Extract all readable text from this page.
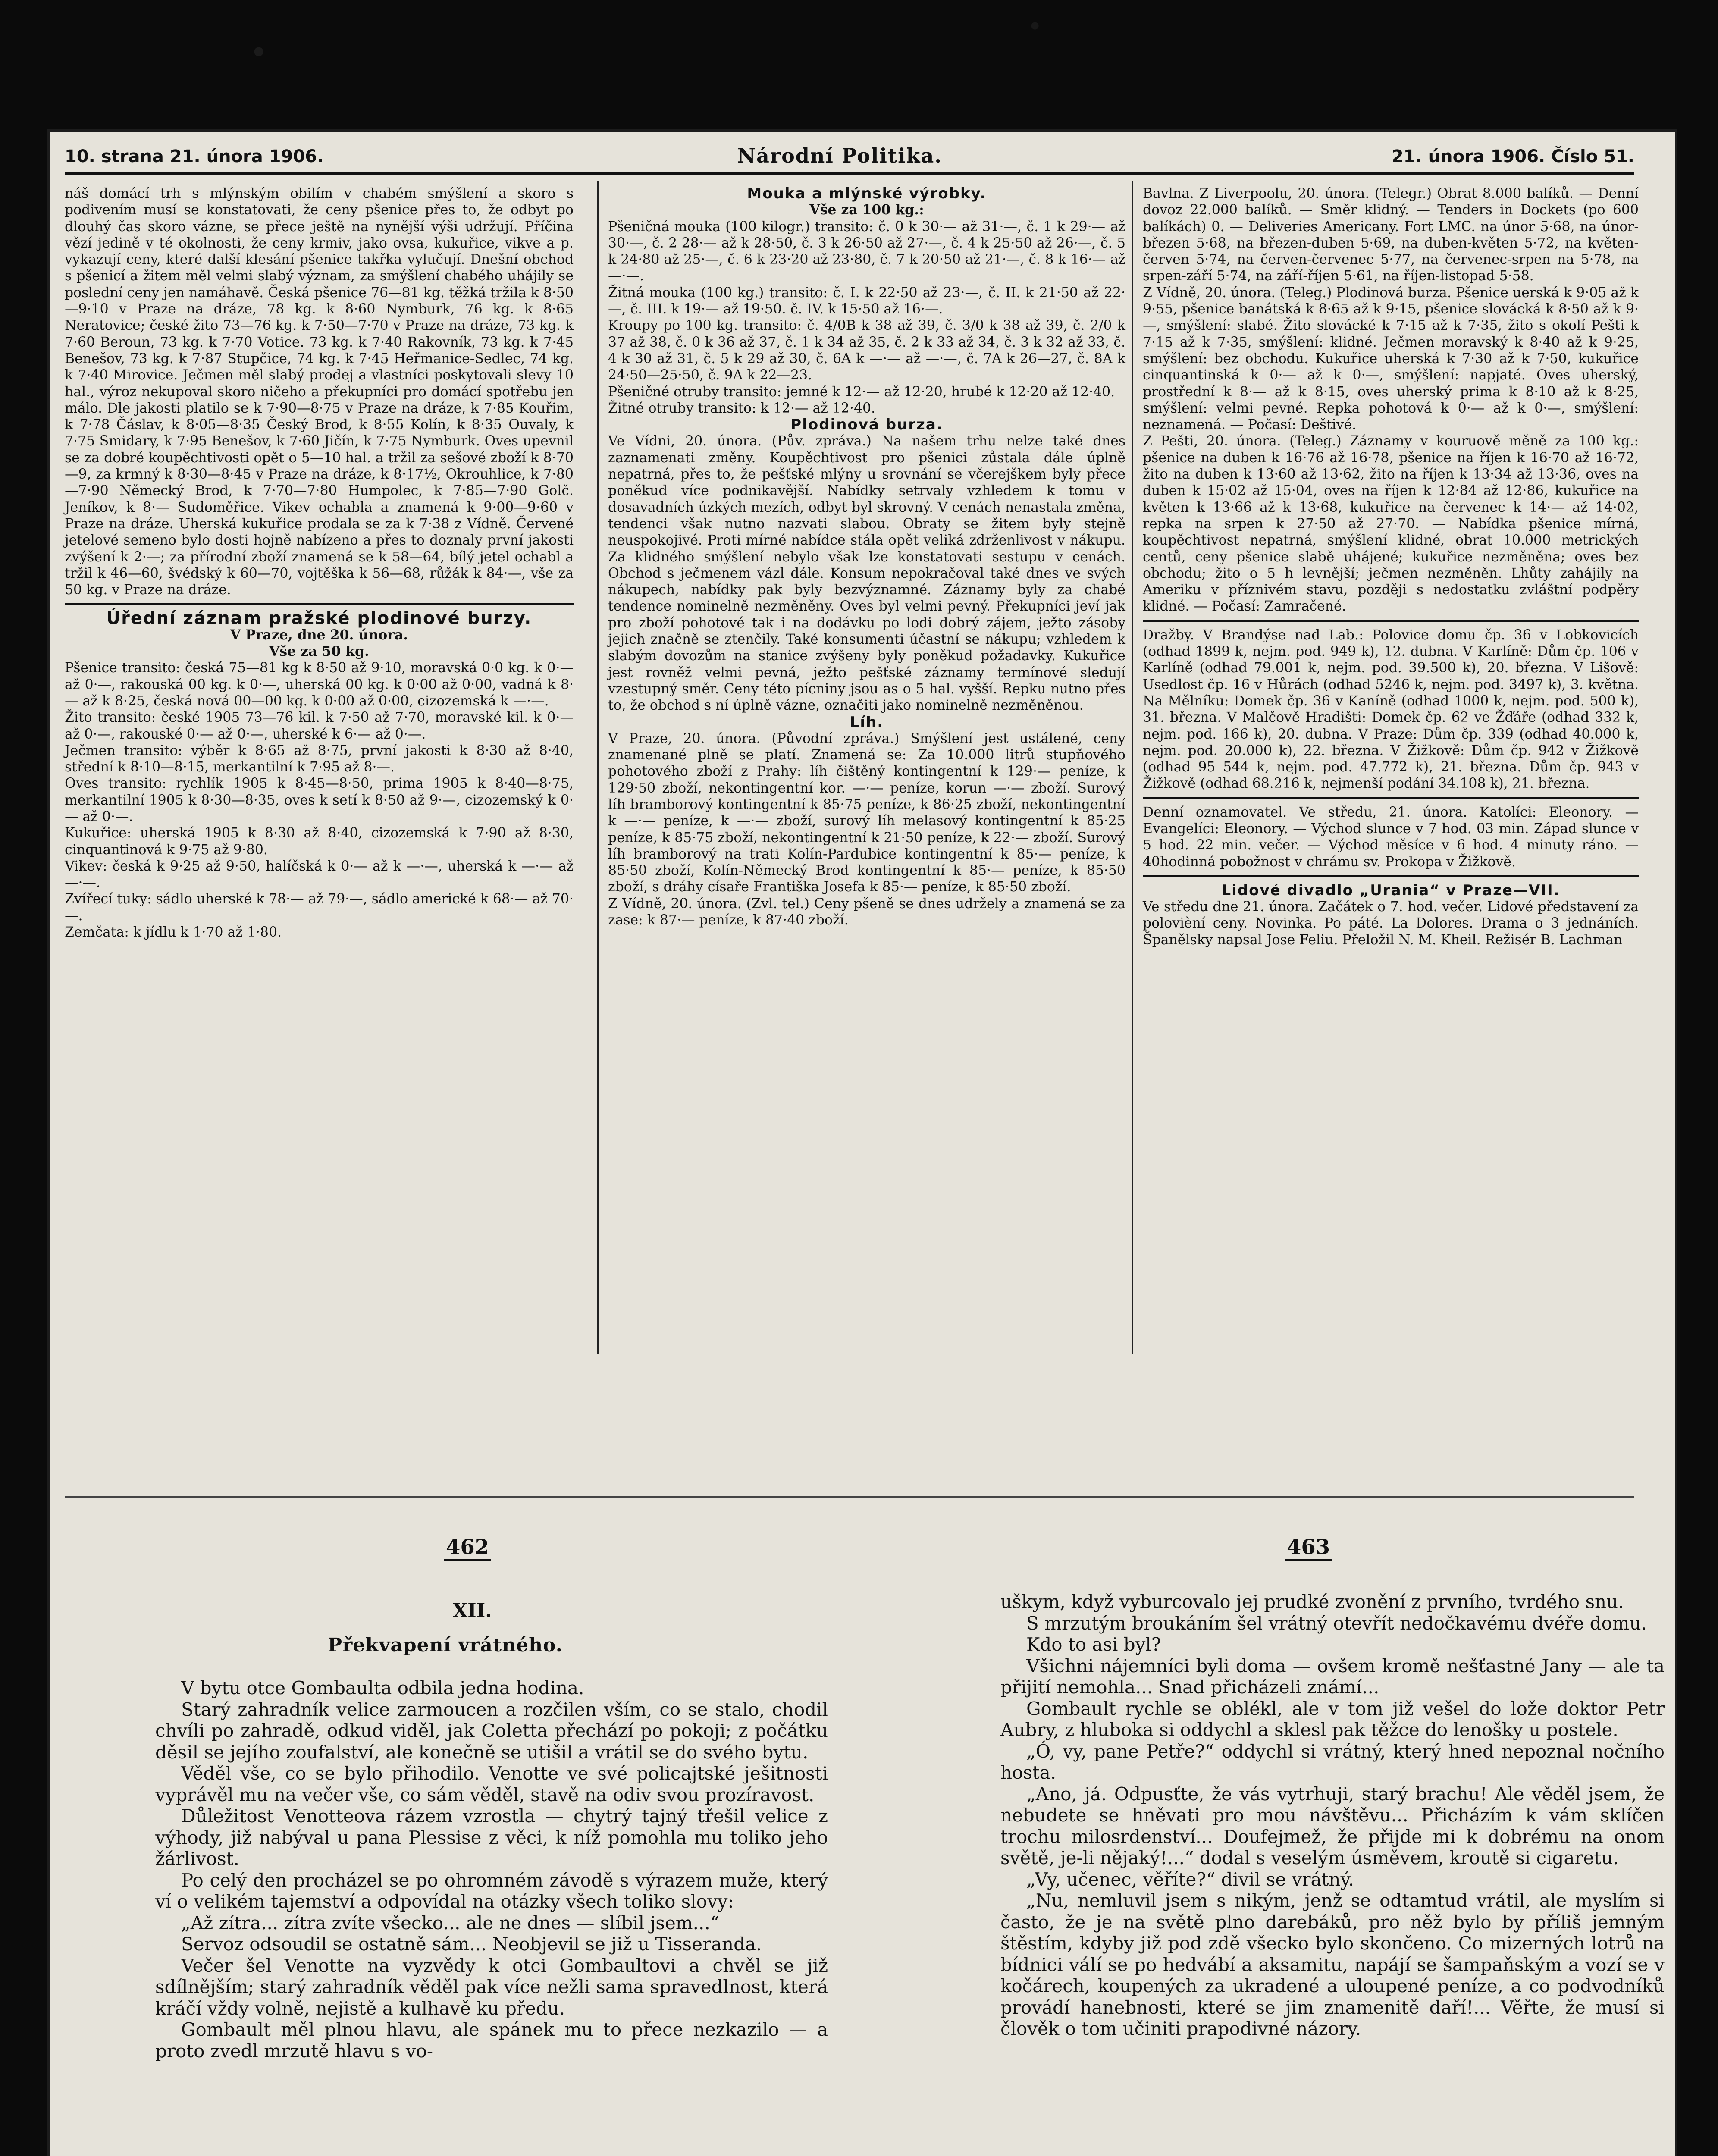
10. strana 21. února 1906.	Národní Politika.	21. února 1906. Číslo 51.

náš domácí trh s mlýnským obilím v chabém smýšlení a skoro s podivením musí se konstatovati, že ceny pšenice přes to, že odbyt po dlouhý čas skoro vázne, se přece ještě na nynější výši udržují. Příčina vězí jedině v té okolnosti, že ceny krmiv, jako ovsa, kukuřice, vikve a p. vykazují ceny, které další klesání pšenice takřka vylučují. Dnešní obchod s pšenicí a žitem měl velmi slabý význam, za smýšlení chabého uhájily se poslední ceny jen namáhavě. Česká pšenice 76—81 kg. těžká tržila k 8·50—9·10 v Praze na dráze, 78 kg. k 8·60 Nymburk, 76 kg. k 8·65 Neratovice; české žito 73—76 kg. k 7·50—7·70 v Praze na dráze, 73 kg. k 7·60 Beroun, 73 kg. k 7·70 Votice. 73 kg. k 7·40 Rakovník, 73 kg. k 7·45 Benešov, 73 kg. k 7·87 Stupčice, 74 kg. k 7·45 Heřmanice-Sedlec, 74 kg. k 7·40 Mirovice. Ječmen měl slabý prodej a vlastníci poskytovali slevy 10 hal., výroz nekupoval skoro ničeho a překupníci pro domácí spotřebu jen málo. Dle jakosti platilo se k 7·90—8·75 v Praze na dráze, k 7·85 Kouřim, k 7·78 Čáslav, k 8·05—8·35 Český Brod, k 8·55 Kolín, k 8·35 Ouvaly, k 7·75 Smidary, k 7·95 Benešov, k 7·60 Jičín, k 7·75 Nymburk. Oves upevnil se za dobré koupěchtivosti opět o 5—10 hal. a tržil za sešové zboží k 8·70—9, za krmný k 8·30—8·45 v Praze na dráze, k 8·17½, Okrouhlice, k 7·80—7·90 Německý Brod, k 7·70—7·80 Humpolec, k 7·85—7·90 Golč. Jeníkov, k 8·— Sudoměřice. Vikev ochabla a znamená k 9·00—9·60 v Praze na dráze. Uherská kukuřice prodala se za k 7·38 z Vídně. Červené jetelové semeno bylo dosti hojně nabízeno a přes to doznaly první jakosti zvýšení k 2·—; za přírodní zboží znamená se k 58—64, bílý jetel ochabl a tržil k 46—60, švédský k 60—70, vojtěška k 56—68, růžák k 84·—, vše za 50 kg. v Praze na dráze.

Úřední záznam pražské plodinové burzy.
V Praze, dne 20. února.
Vše za 50 kg.

Pšenice transito: česká 75—81 kg k 8·50 až 9·10, moravská 0·0 kg. k 0·— až 0·—, rakouská 00 kg. k 0·—, uherská 00 kg. k 0·00 až 0·00, vadná k 8·— až k 8·25, česká nová 00—00 kg. k 0·00 až 0·00, cizozemská k —·—.

Žito transito: české 1905 73—76 kil. k 7·50 až 7·70, moravské kil. k 0·— až 0·—, rakouské 0·— až 0·—, uherské k 6·— až 0·—.

Ječmen transito: výběr k 8·65 až 8·75, první jakosti k 8·30 až 8·40, střední k 8·10—8·15, merkantilní k 7·95 až 8·—.

Oves transito: rychlík 1905 k 8·45—8·50, prima 1905 k 8·40—8·75, merkantilní 1905 k 8·30—8·35, oves k setí k 8·50 až 9·—, cizozemský k 0·— až 0·—.

Kukuřice: uherská 1905 k 8·30 až 8·40, cizozemská k 7·90 až 8·30, cinquantinová k 9·75 až 9·80.

Vikev: česká k 9·25 až 9·50, halíčská k 0·— až k —·—, uherská k —·— až —·—.

Zvířecí tuky: sádlo uherské k 78·— až 79·—, sádlo americké k 68·— až 70·—.

Zemčata: k jídlu k 1·70 až 1·80.

Mouka a mlýnské výrobky.
Vše za 100 kg.:

Pšeničná mouka (100 kilogr.) transito: č. 0 k 30·— až 31·—, č. 1 k 29·— až 30·—, č. 2 28·— až k 28·50, č. 3 k 26·50 až 27·—, č. 4 k 25·50 až 26·—, č. 5 k 24·80 až 25·—, č. 6 k 23·20 až 23·80, č. 7 k 20·50 až 21·—, č. 8 k 16·— až —·—.

Žitná mouka (100 kg.) transito: č. I. k 22·50 až 23·—, č. II. k 21·50 až 22·—, č. III. k 19·— až 19·50. č. IV. k 15·50 až 16·—.

Kroupy po 100 kg. transito: č. 4/0B k 38 až 39, č. 3/0 k 38 až 39, č. 2/0 k 37 až 38, č. 0 k 36 až 37, č. 1 k 34 až 35, č. 2 k 33 až 34, č. 3 k 32 až 33, č. 4 k 30 až 31, č. 5 k 29 až 30, č. 6A k —·— až —·—, č. 7A k 26—27, č. 8A k 24·50—25·50, č. 9A k 22—23.

Pšeničné otruby transito: jemné k 12·— až 12·20, hrubé k 12·20 až 12·40.

Žitné otruby transito: k 12·— až 12·40.

Plodinová burza.

Ve Vídni, 20. února. (Pův. zpráva.) Na našem trhu nelze také dnes zaznamenati změny. Koupěchtivost pro pšenici zůstala dále úplně nepatrná, přes to, že pešťské mlýny u srovnání se včerejškem byly přece poněkud více podnikavější. Nabídky setrvaly vzhledem k tomu v dosavadních úzkých mezích, odbyt byl skrovný. V cenách nenastala změna, tendenci však nutno nazvati slabou. Obraty se žitem byly stejně neuspokojivé. Proti mírné nabídce stála opět veliká zdrženlivost v nákupu. Za klidného smýšlení nebylo však lze konstatovati sestupu v cenách. Obchod s ječmenem vázl dále. Konsum nepokračoval také dnes ve svých nákupech, nabídky pak byly bezvýznamné. Záznamy byly za chabé tendence nominelně nezměněny. Oves byl velmi pevný. Překupníci jeví jak pro zboží pohotové tak i na dodávku po lodi dobrý zájem, ježto zásoby jejich značně se ztenčily. Také konsumenti účastní se nákupu; vzhledem k slabým dovozům na stanice zvýšeny byly poněkud požadavky. Kukuřice jest rovněž velmi pevná, ježto pešťské záznamy termínové sledují vzestupný směr. Ceny této pícniny jsou as o 5 hal. vyšší. Repku nutno přes to, že obchod s ní úplně vázne, označiti jako nominelně nezměněnou.

Líh.

V Praze, 20. února. (Původní zpráva.) Smýšlení jest ustálené, ceny znamenané plně se platí. Znamená se: Za 10.000 litrů stupňového pohotového zboží z Prahy: líh čištěný kontingentní k 129·— peníze, k 129·50 zboží, nekontingentní kor. —·— peníze, korun —·— zboží. Surový líh bramborový kontingentní k 85·75 peníze, k 86·25 zboží, nekontingentní k —·— peníze, k —·— zboží, surový líh melasový kontingentní k 85·25 peníze, k 85·75 zboží, nekontingentní k 21·50 peníze, k 22·— zboží. Surový líh bramborový na trati Kolín-Pardubice kontingentní k 85·— peníze, k 85·50 zboží, Kolín-Německý Brod kontingentní k 85·— peníze, k 85·50 zboží, s dráhy císaře Františka Josefa k 85·— peníze, k 85·50 zboží.

Z Vídně, 20. února. (Zvl. tel.) Ceny pšeně se dnes udržely a znamená se za zase: k 87·— peníze, k 87·40 zboží.

Bavlna. Z Liverpoolu, 20. února. (Telegr.) Obrat 8.000 balíků. — Denní dovoz 22.000 balíků. — Směr klidný. — Tenders in Dockets (po 600 balíkách) 0. — Deliveries Americany. Fort LMC. na únor 5·68, na únor-březen 5·68, na březen-duben 5·69, na duben-květen 5·72, na květen-červen 5·74, na červen-červenec 5·77, na červenec-srpen na 5·78, na srpen-září 5·74, na září-říjen 5·61, na říjen-listopad 5·58.

Z Vídně, 20. února. (Teleg.) Plodinová burza. Pšenice uerská k 9·05 až k 9·55, pšenice banátská k 8·65 až k 9·15, pšenice slovácká k 8·50 až k 9·—, smýšlení: slabé. Žito slovácké k 7·15 až k 7·35, žito s okolí Pešti k 7·15 až k 7·35, smýšlení: klidné. Ječmen moravský k 8·40 až k 9·25, smýšlení: bez obchodu. Kukuřice uherská k 7·30 až k 7·50, kukuřice cinquantinská k 0·— až k 0·—, smýšlení: napjaté. Oves uherský, prostřední k 8·— až k 8·15, oves uherský prima k 8·10 až k 8·25, smýšlení: velmi pevné. Repka pohotová k 0·— až k 0·—, smýšlení: neznamená. — Počasí: Deštivé.

Z Pešti, 20. února. (Teleg.) Záznamy v kouruově měně za 100 kg.: pšenice na duben k 16·76 až 16·78, pšenice na říjen k 16·70 až 16·72, žito na duben k 13·60 až 13·62, žito na říjen k 13·34 až 13·36, oves na duben k 15·02 až 15·04, oves na říjen k 12·84 až 12·86, kukuřice na květen k 13·66 až k 13·68, kukuřice na červenec k 14·— až 14·02, repka na srpen k 27·50 až 27·70. — Nabídka pšenice mírná, koupěchtivost nepatrná, smýšlení klidné, obrat 10.000 metrických centů, ceny pšenice slabě uhájené; kukuřice nezměněna; oves bez obchodu; žito o 5 h levnější; ječmen nezměněn. Lhůty zahájily na Ameriku v příznivém stavu, později s nedostatku zvláštní podpěry klidné. — Počasí: Zamračené.

Dražby. V Brandýse nad Lab.: Polovice domu čp. 36 v Lobkovicích (odhad 1899 k, nejm. pod. 949 k), 12. dubna. V Karlíně: Dům čp. 106 v Karlíně (odhad 79.001 k, nejm. pod. 39.500 k), 20. března. V Lišově: Usedlost čp. 16 v Hůrách (odhad 5246 k, nejm. pod. 3497 k), 3. května. Na Mělníku: Domek čp. 36 v Kaníně (odhad 1000 k, nejm. pod. 500 k), 31. března. V Malčově Hradišti: Domek čp. 62 ve Žďáře (odhad 332 k, nejm. pod. 166 k), 20. dubna. V Praze: Dům čp. 339 (odhad 40.000 k, nejm. pod. 20.000 k), 22. března. V Žižkově: Dům čp. 942 v Žižkově (odhad 95 544 k, nejm. pod. 47.772 k), 21. března. Dům čp. 943 v Žižkově (odhad 68.216 k, nejmenší podání 34.108 k), 21. března.

Denní oznamovatel. Ve středu, 21. února. Katolíci: Eleonory. — Evangelíci: Eleonory. — Východ slunce v 7 hod. 03 min. Západ slunce v 5 hod. 22 min. večer. — Východ měsíce v 6 hod. 4 minuty ráno. — 40hodinná pobožnost v chrámu sv. Prokopa v Žižkově.

Lidové divadlo „Urania“ v Praze—VII.

Ve středu dne 21. února. Začátek o 7. hod. večer. Lidové představení za polovièní ceny. Novinka. Po páté. La Dolores. Drama o 3 jednáních. Španělsky napsal Jose Feliu. Přeložil N. M. Kheil. Režisér B. Lachman

462	463
XII.
Překvapení vrátného.

V bytu otce Gombaulta odbila jedna hodina.

Starý zahradník velice zarmoucen a rozčilen vším, co se stalo, chodil chvíli po zahradě, odkud viděl, jak Coletta přechází po pokoji; z počátku děsil se jejího zoufalství, ale konečně se utišil a vrátil se do svého bytu.

Věděl vše, co se bylo přihodilo. Venotte ve své policajtské ješitnosti vyprávěl mu na večer vše, co sám věděl, stavě na odiv svou prozíravost.

Důležitost Venotteova rázem vzrostla — chytrý tajný třešil velice z výhody, již nabýval u pana Plessise z věci, k níž pomohla mu toliko jeho žárlivost.

Po celý den procházel se po ohromném závodě s výrazem muže, který ví o velikém tajemství a odpovídal na otázky všech toliko slovy:

„Až zítra... zítra zvíte všecko... ale ne dnes — slíbil jsem...“

Servoz odsoudil se ostatně sám... Neobjevil se již u Tisseranda.

Večer šel Venotte na vyzvědy k otci Gombaultovi a chvěl se již sdílnějším; starý zahradník věděl pak více nežli sama spravedlnost, která kráčí vždy volně, nejistě a kulhavě ku předu.

Gombault měl plnou hlavu, ale spánek mu to přece nezkazilo — a proto zvedl mrzutě hlavu s vo-

uškym, když vyburcovalo jej prudké zvonění z prvního, tvrdého snu.

S mrzutým broukáním šel vrátný otevřít nedočkavému dvéře domu.

Kdo to asi byl?

Všichni nájemníci byli doma — ovšem kromě nešťastné Jany — ale ta přijití nemohla... Snad přicházeli známí...

Gombault rychle se oblékl, ale v tom již vešel do lože doktor Petr Aubry, z hluboka si oddychl a sklesl pak těžce do lenošky u postele.

„Ó, vy, pane Petře?“ oddychl si vrátný, který hned nepoznal nočního hosta.

„Ano, já. Odpusťte, že vás vytrhuji, starý brachu! Ale věděl jsem, že nebudete se hněvati pro mou návštěvu... Přicházím k vám sklíčen trochu milosrdenství... Doufejmež, že přijde mi k dobrému na onom světě, je-li nějaký!...“ dodal s veselým úsměvem, kroutě si cigaretu.

„Vy, učenec, věříte?“ divil se vrátný.

„Nu, nemluvil jsem s nikým, jenž se odtamtud vrátil, ale myslím si často, že je na světě plno darebáků, pro něž bylo by příliš jemným štěstím, kdyby již pod zdě všecko bylo skončeno. Co mizerných lotrů na bídnici válí se po hedvábí a aksamitu, napájí se šampaňským a vozí se v kočárech, koupených za ukradené a uloupené peníze, a co podvodníků provádí hanebnosti, které se jim znamenitě daří!... Věřte, že musí si člověk o tom učiniti prapodivné názory.
